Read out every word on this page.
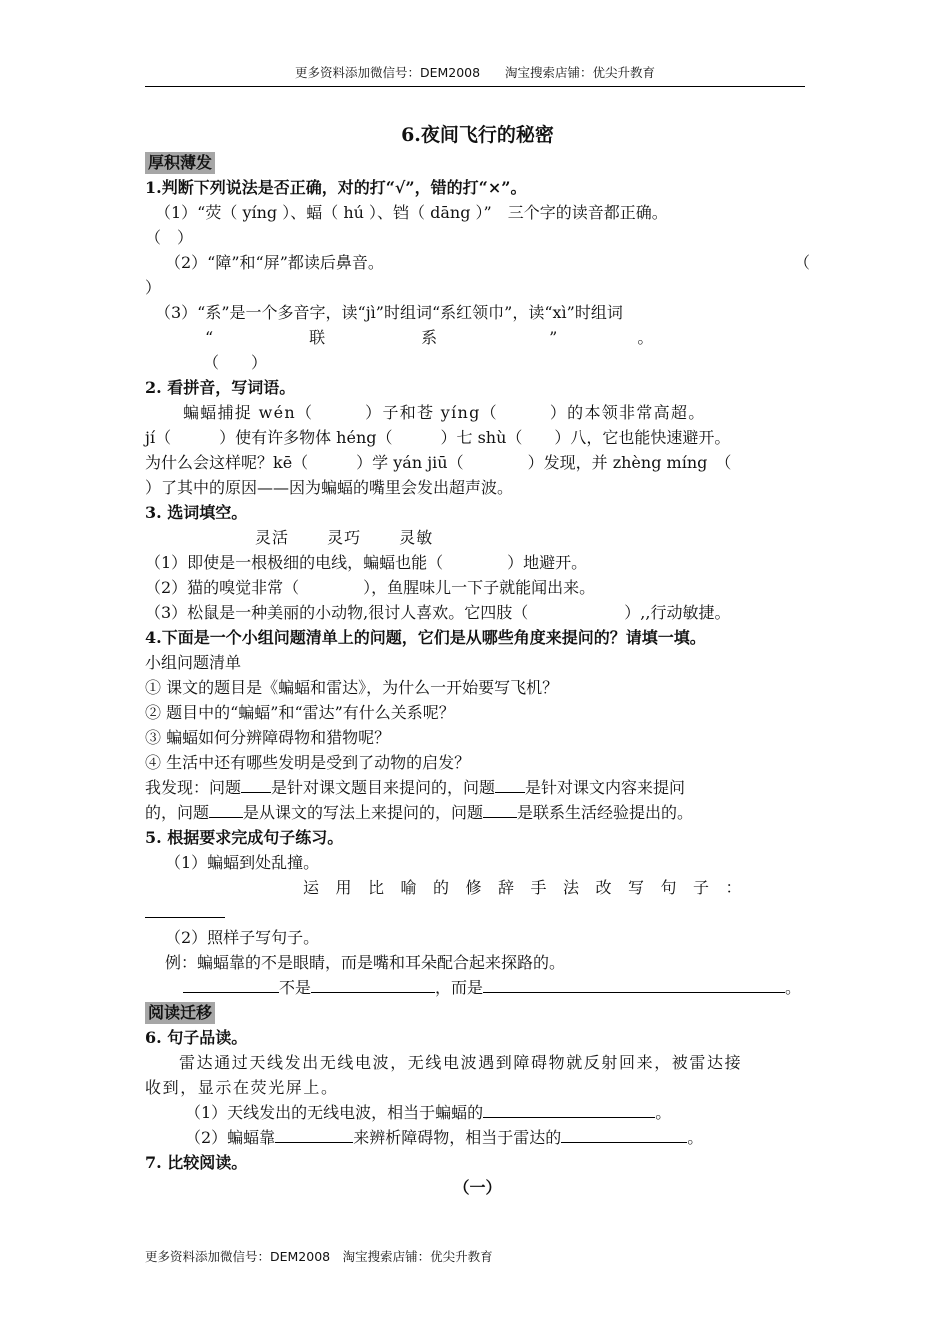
更多资料添加微信号：DEM2008　　淘宝搜索店铺：优尖升教育

6.夜间飞行的秘密

厚积薄发

1.判断下列说法是否正确，对的打“√”，错的打“×”。

（1）“荧（ yíng ）、蝠（ hú ）、铛（ dāng ）”　三个字的读音都正确。

（　）

（2）“障”和“屏”都读后鼻音。	（

）

（3）“系”是一个多音字，读“jì”时组词“系红领巾”，读“xì”时组词

“　　　　　　联　　　　　　系　　　　　　　”　　　　　。

（　　）

2. 看拼音，写词语。

蝙蝠捕捉 wén（　　　）子和苍 yíng（　　　）的本领非常高超。

jí（　　　）使有许多物体 héng（　　　）七 shù（　　）八，它也能快速避开。

为什么会这样呢？kē（　　　）学 yán jiū（　　　　）发现，并 zhèng míng　（

）了其中的原因——因为蝙蝠的嘴里会发出超声波。

3. 选词填空。

灵活 灵巧 灵敏

（1）即使是一根极细的电线，蝙蝠也能（　　　　）地避开。

（2）猫的嗅觉非常（　　　　），鱼腥味儿一下子就能闻出来。

（3）松鼠是一种美丽的小动物,很讨人喜欢。它四肢（　　　　　　）,,行动敏捷。

4.下面是一个小组问题清单上的问题，它们是从哪些角度来提问的？请填一填。

小组问题清单

① 课文的题目是《蝙蝠和雷达》，为什么一开始要写飞机？

② 题目中的“蝙蝠”和“雷达”有什么关系呢？

③ 蝙蝠如何分辨障碍物和猎物呢？

④ 生活中还有哪些发明是受到了动物的启发？

我发现：问题 是针对课文题目来提问的，问题 是针对课文内容来提问

的，问题 是从课文的写法上来提问的，问题 是联系生活经验提出的。

5. 根据要求完成句子练习。

（1）蝙蝠到处乱撞。

运用比喻的修辞手法改写句子：

（2）照样子写句子。

例：蝙蝠靠的不是眼睛，而是嘴和耳朵配合起来探路的。

不是	，而是	。

阅读迁移

6. 句子品读。

雷达通过天线发出无线电波，无线电波遇到障碍物就反射回来，被雷达接

收到，显示在荧光屏上。

（1）天线发出的无线电波，相当于蝙蝠的	。

（2）蝙蝠靠	来辨析障碍物，相当于雷达的	。

7. 比较阅读。

（一）

更多资料添加微信号：DEM2008　淘宝搜索店铺：优尖升教育
